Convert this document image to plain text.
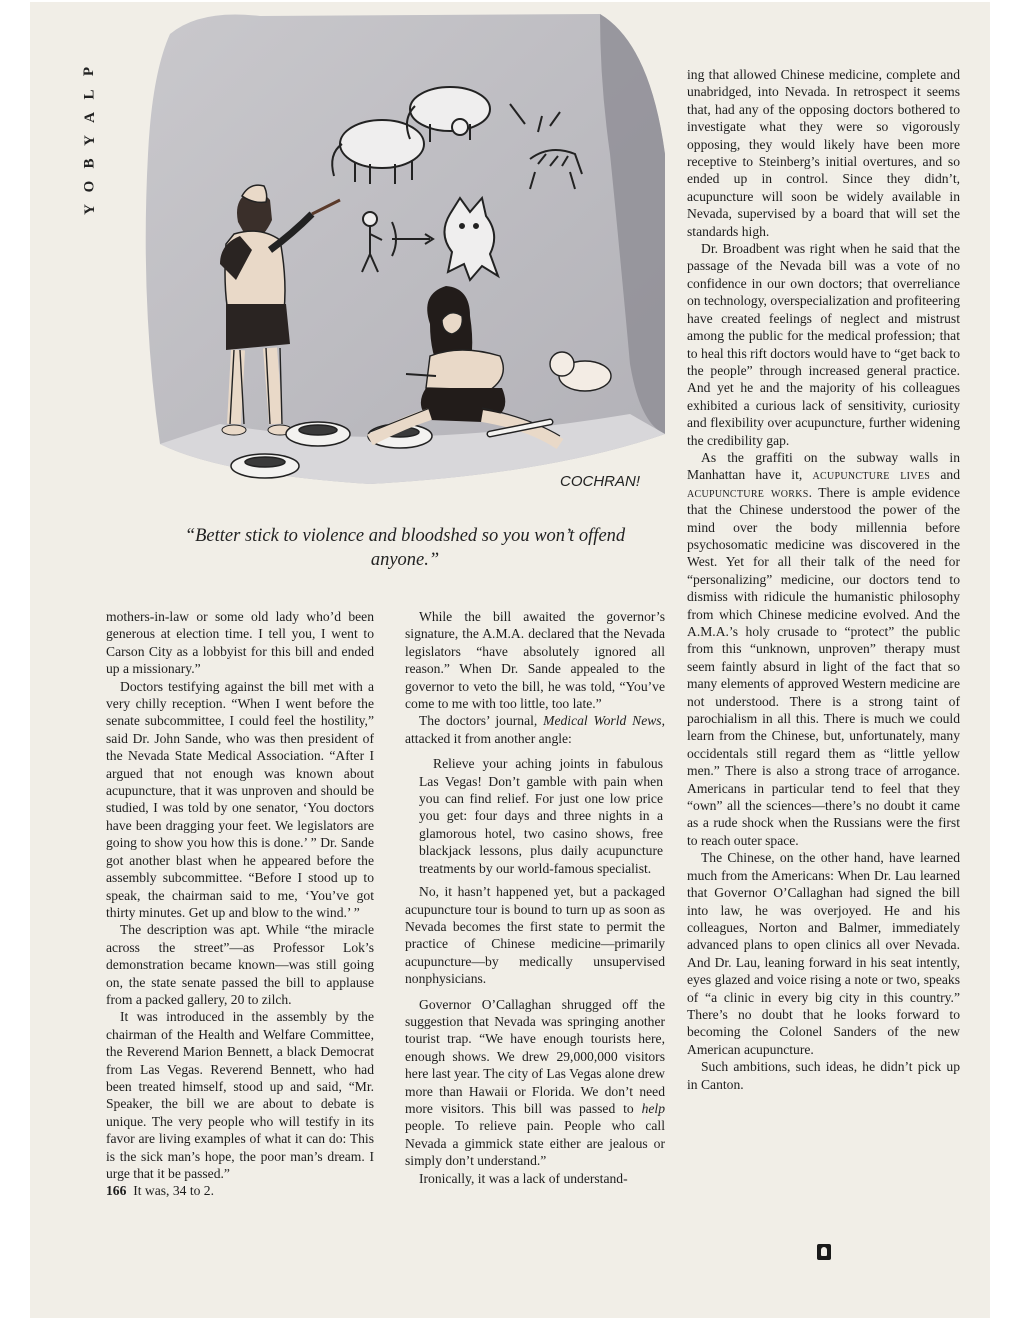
P
L
A
Y
B
O
Y
COCHRAN!
“Better stick to violence and bloodshed so you won’t offend anyone.”

mothers-in-law or some old lady who’d been generous at election time. I tell you, I went to Carson City as a lobbyist for this bill and ended up a missionary.”

Doctors testifying against the bill met with a very chilly reception. “When I went before the senate subcommittee, I could feel the hostility,” said Dr. John Sande, who was then president of the Nevada State Medical Association. “After I argued that not enough was known about acupuncture, that it was unproven and should be studied, I was told by one senator, ‘You doctors have been dragging your feet. We legislators are going to show you how this is done.’ ” Dr. Sande got another blast when he appeared before the assembly subcommittee. “Before I stood up to speak, the chairman said to me, ‘You’ve got thirty minutes. Get up and blow to the wind.’ ”

The description was apt. While “the miracle across the street”—as Professor Lok’s demonstration became known—was still going on, the state senate passed the bill to applause from a packed gallery, 20 to zilch.

It was introduced in the assembly by the chairman of the Health and Welfare Committee, the Reverend Marion Bennett, a black Democrat from Las Vegas. Reverend Bennett, who had been treated himself, stood up and said, “Mr. Speaker, the bill we are about to debate is unique. The very people who will testify in its favor are living examples of what it can do: This is the sick man’s hope, the poor man’s dream. I urge that it be passed.”

166 It was, 34 to 2.

While the bill awaited the governor’s signature, the A.M.A. declared that the Nevada legislators “have absolutely ignored all reason.” When Dr. Sande appealed to the governor to veto the bill, he was told, “You’ve come to me with too little, too late.”

The doctors’ journal, Medical World News, attacked it from another angle:

Relieve your aching joints in fabulous Las Vegas! Don’t gamble with pain when you can find relief. For just one low price you get: four days and three nights in a glamorous hotel, two casino shows, free blackjack lessons, plus daily acupuncture treatments by our world-famous specialist.

No, it hasn’t happened yet, but a packaged acupuncture tour is bound to turn up as soon as Nevada becomes the first state to permit the practice of Chinese medicine—primarily acupuncture—by medically unsupervised nonphysicians.

Governor O’Callaghan shrugged off the suggestion that Nevada was springing another tourist trap. “We have enough tourists here, enough shows. We drew 29,000,000 visitors here last year. The city of Las Vegas alone drew more than Hawaii or Florida. We don’t need more visitors. This bill was passed to help people. To relieve pain. People who call Nevada a gimmick state either are jealous or simply don’t understand.”

Ironically, it was a lack of understand-

ing that allowed Chinese medicine, complete and unabridged, into Nevada. In retrospect it seems that, had any of the opposing doctors bothered to investigate what they were so vigorously opposing, they would likely have been more receptive to Steinberg’s initial overtures, and so ended up in control. Since they didn’t, acupuncture will soon be widely available in Nevada, supervised by a board that will set the standards high.

Dr. Broadbent was right when he said that the passage of the Nevada bill was a vote of no confidence in our own doctors; that overreliance on technology, overspecialization and profiteering have created feelings of neglect and mistrust among the public for the medical profession; that to heal this rift doctors would have to “get back to the people” through increased general practice. And yet he and the majority of his colleagues exhibited a curious lack of sensitivity, curiosity and flexibility over acupuncture, further widening the credibility gap.

As the graffiti on the subway walls in Manhattan have it, acupuncture lives and acupuncture works. There is ample evidence that the Chinese understood the power of the mind over the body millennia before psychosomatic medicine was discovered in the West. Yet for all their talk of the need for “personalizing” medicine, our doctors tend to dismiss with ridicule the humanistic philosophy from which Chinese medicine evolved. And the A.M.A.’s holy crusade to “protect” the public from this “unknown, unproven” therapy must seem faintly absurd in light of the fact that so many elements of approved Western medicine are not understood. There is a strong taint of parochialism in all this. There is much we could learn from the Chinese, but, unfortunately, many occidentals still regard them as “little yellow men.” There is also a strong trace of arrogance. Americans in particular tend to feel that they “own” all the sciences—there’s no doubt it came as a rude shock when the Russians were the first to reach outer space.

The Chinese, on the other hand, have learned much from the Americans: When Dr. Lau learned that Governor O’Callaghan had signed the bill into law, he was overjoyed. He and his colleagues, Norton and Balmer, immediately advanced plans to open clinics all over Nevada. And Dr. Lau, leaning forward in his seat intently, eyes glazed and voice rising a note or two, speaks of “a clinic in every big city in this country.” There’s no doubt that he looks forward to becoming the Colonel Sanders of the new American acupuncture.

Such ambitions, such ideas, he didn’t pick up in Canton.
